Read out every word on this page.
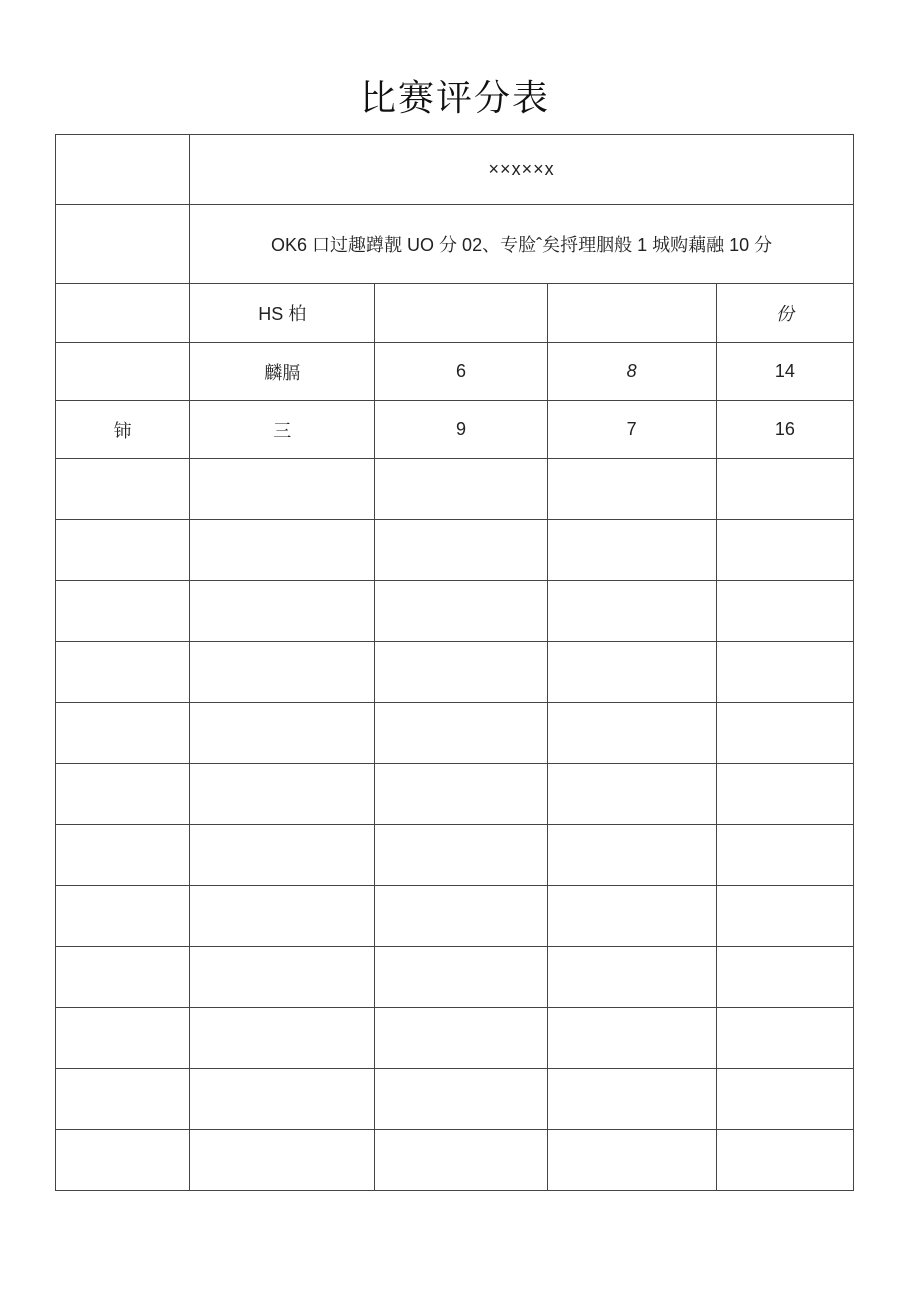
比赛评分表
	××x××x			
	OK6 口过趣蹲靓 UO 分 02、专脸ˆ矣捋理胭般 1 城购藕融 10 分			
	HS 柏			份
	麟膈	6	8	14
铈	三	9	7	16
